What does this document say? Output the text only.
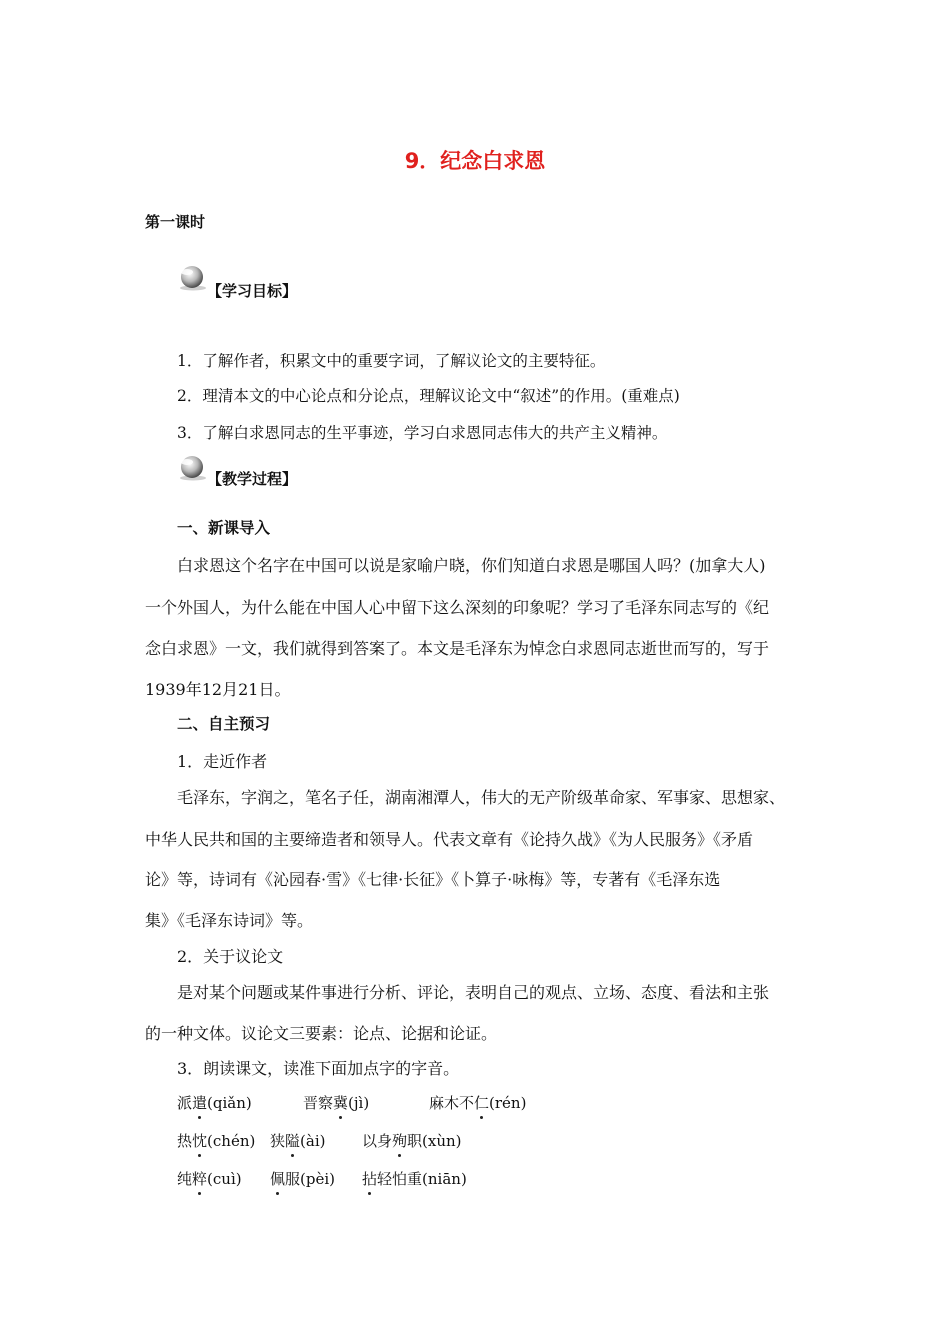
9．纪念白求恩
第一课时
【学习目标】
1．了解作者，积累文中的重要字词，了解议论文的主要特征。
2．理清本文的中心论点和分论点，理解议论文中“叙述”的作用。(重难点)
3．了解白求恩同志的生平事迹，学习白求恩同志伟大的共产主义精神。
【教学过程】
一、新课导入
白求恩这个名字在中国可以说是家喻户晓，你们知道白求恩是哪国人吗？(加拿大人)
一个外国人，为什么能在中国人心中留下这么深刻的印象呢？学习了毛泽东同志写的《纪
念白求恩》一文，我们就得到答案了。本文是毛泽东为悼念白求恩同志逝世而写的，写于
1939年12月21日。
二、自主预习
1．走近作者
毛泽东，字润之，笔名子任，湖南湘潭人，伟大的无产阶级革命家、军事家、思想家、
中华人民共和国的主要缔造者和领导人。代表文章有《论持久战》《为人民服务》《矛盾
论》等，诗词有《沁园春·雪》《七律·长征》《卜算子·咏梅》等，专著有《毛泽东选
集》《毛泽东诗词》等。
2．关于议论文
是对某个问题或某件事进行分析、评论，表明自己的观点、立场、态度、看法和主张
的一种文体。议论文三要素：论点、论据和论证。
3．朗读课文，读准下面加点字的字音。
派遣(qiǎn)	晋察冀(jì)	麻木不仁(rén)
热忱(chén) 狭隘(ài) 以身殉职(xùn)
纯粹(cuì) 佩服(pèi) 拈轻怕重(niān)
